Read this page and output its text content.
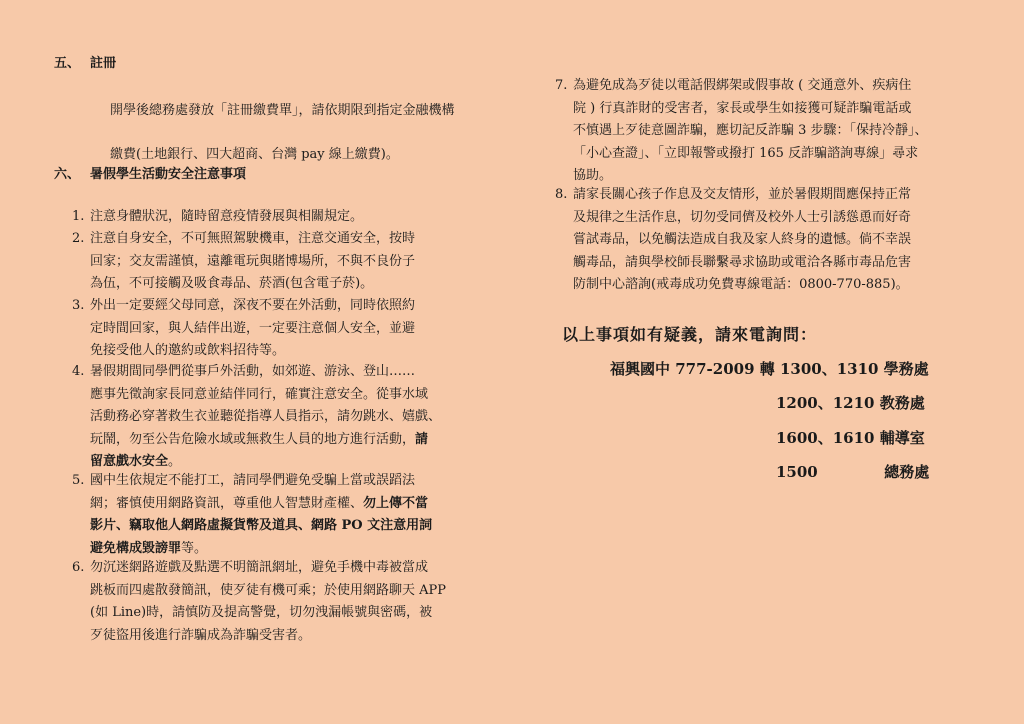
五、 註冊

開學後總務處發放「註冊繳費單」，請依期限到指定金融機構

繳費(土地銀行、四大超商、台灣 pay 線上繳費)。

六、 暑假學生活動安全注意事項
1. 注意身體狀況，隨時留意疫情發展與相關規定。
2. 注意自身安全，不可無照駕駛機車，注意交通安全，按時
回家；交友需謹慎，遠離電玩與賭博場所，不與不良份子
為伍，不可接觸及吸食毒品、菸酒(包含電子菸)。
3. 外出一定要經父母同意，深夜不要在外活動，同時依照約
定時間回家，與人結伴出遊，一定要注意個人安全，並避
免接受他人的邀約或飲料招待等。
4. 暑假期間同學們從事戶外活動，如郊遊、游泳、登山……
應事先徵詢家長同意並結伴同行，確實注意安全。從事水域
活動務必穿著救生衣並聽從指導人員指示，請勿跳水、嬉戲、
玩鬧，勿至公告危險水域或無救生人員的地方進行活動，請
留意戲水安全。
5. 國中生依規定不能打工，請同學們避免受騙上當或誤蹈法
網；審慎使用網路資訊，尊重他人智慧財產權、勿上傳不當
影片、竊取他人網路虛擬貨幣及道具、網路 PO 文注意用詞
避免構成毀謗罪等。
6. 勿沉迷網路遊戲及點選不明簡訊網址，避免手機中毒被當成
跳板而四處散發簡訊，使歹徒有機可乘；於使用網路聊天 APP
(如 Line)時，請慎防及提高警覺，切勿洩漏帳號與密碼，被
歹徒盜用後進行詐騙成為詐騙受害者。
7. 為避免成為歹徒以電話假綁架或假事故 ( 交通意外、疾病住
院 ) 行真詐財的受害者，家長或學生如接獲可疑詐騙電話或
不慎遇上歹徒意圖詐騙，應切記反詐騙 3 步驟：「保持冷靜」、
「小心查證」、「立即報警或撥打 165 反詐騙諮詢專線」尋求
協助。
8. 請家長關心孩子作息及交友情形，並於暑假期間應保持正常
及規律之生活作息，切勿受同儕及校外人士引誘慫恿而好奇
嘗試毒品，以免觸法造成自我及家人終身的遺憾。倘不幸誤
觸毒品，請與學校師長聯繫尋求協助或電洽各縣市毒品危害
防制中心諮詢(戒毒成功免費專線電話：0800-770-885)。
以上事項如有疑義，請來電詢問：
福興國中 777-2009 轉 1300、1310 學務處
1200、1210 教務處
1600、1610 輔導室
1500	總務處
